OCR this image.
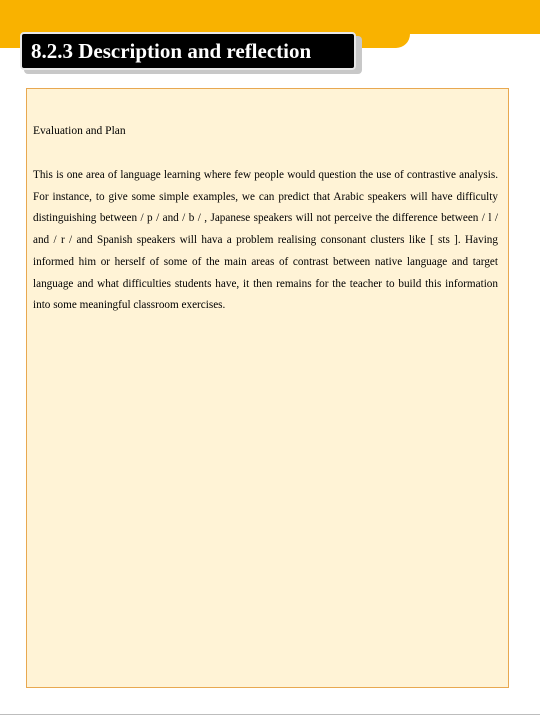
8.2.3 Description and reflection
Evaluation and Plan
This is one area of language learning where few people would question the use of contrastive analysis. For instance, to give some simple examples, we can predict that Arabic speakers will have difficulty distinguishing between / p / and / b / , Japanese speakers will not perceive the difference between / l / and / r / and Spanish speakers will hava a problem realising consonant clusters like [ sts ]. Having informed him or herself of some of the main areas of contrast between native language and target language and what difficulties students have, it then remains for the teacher to build this information into some meaningful classroom exercises.
